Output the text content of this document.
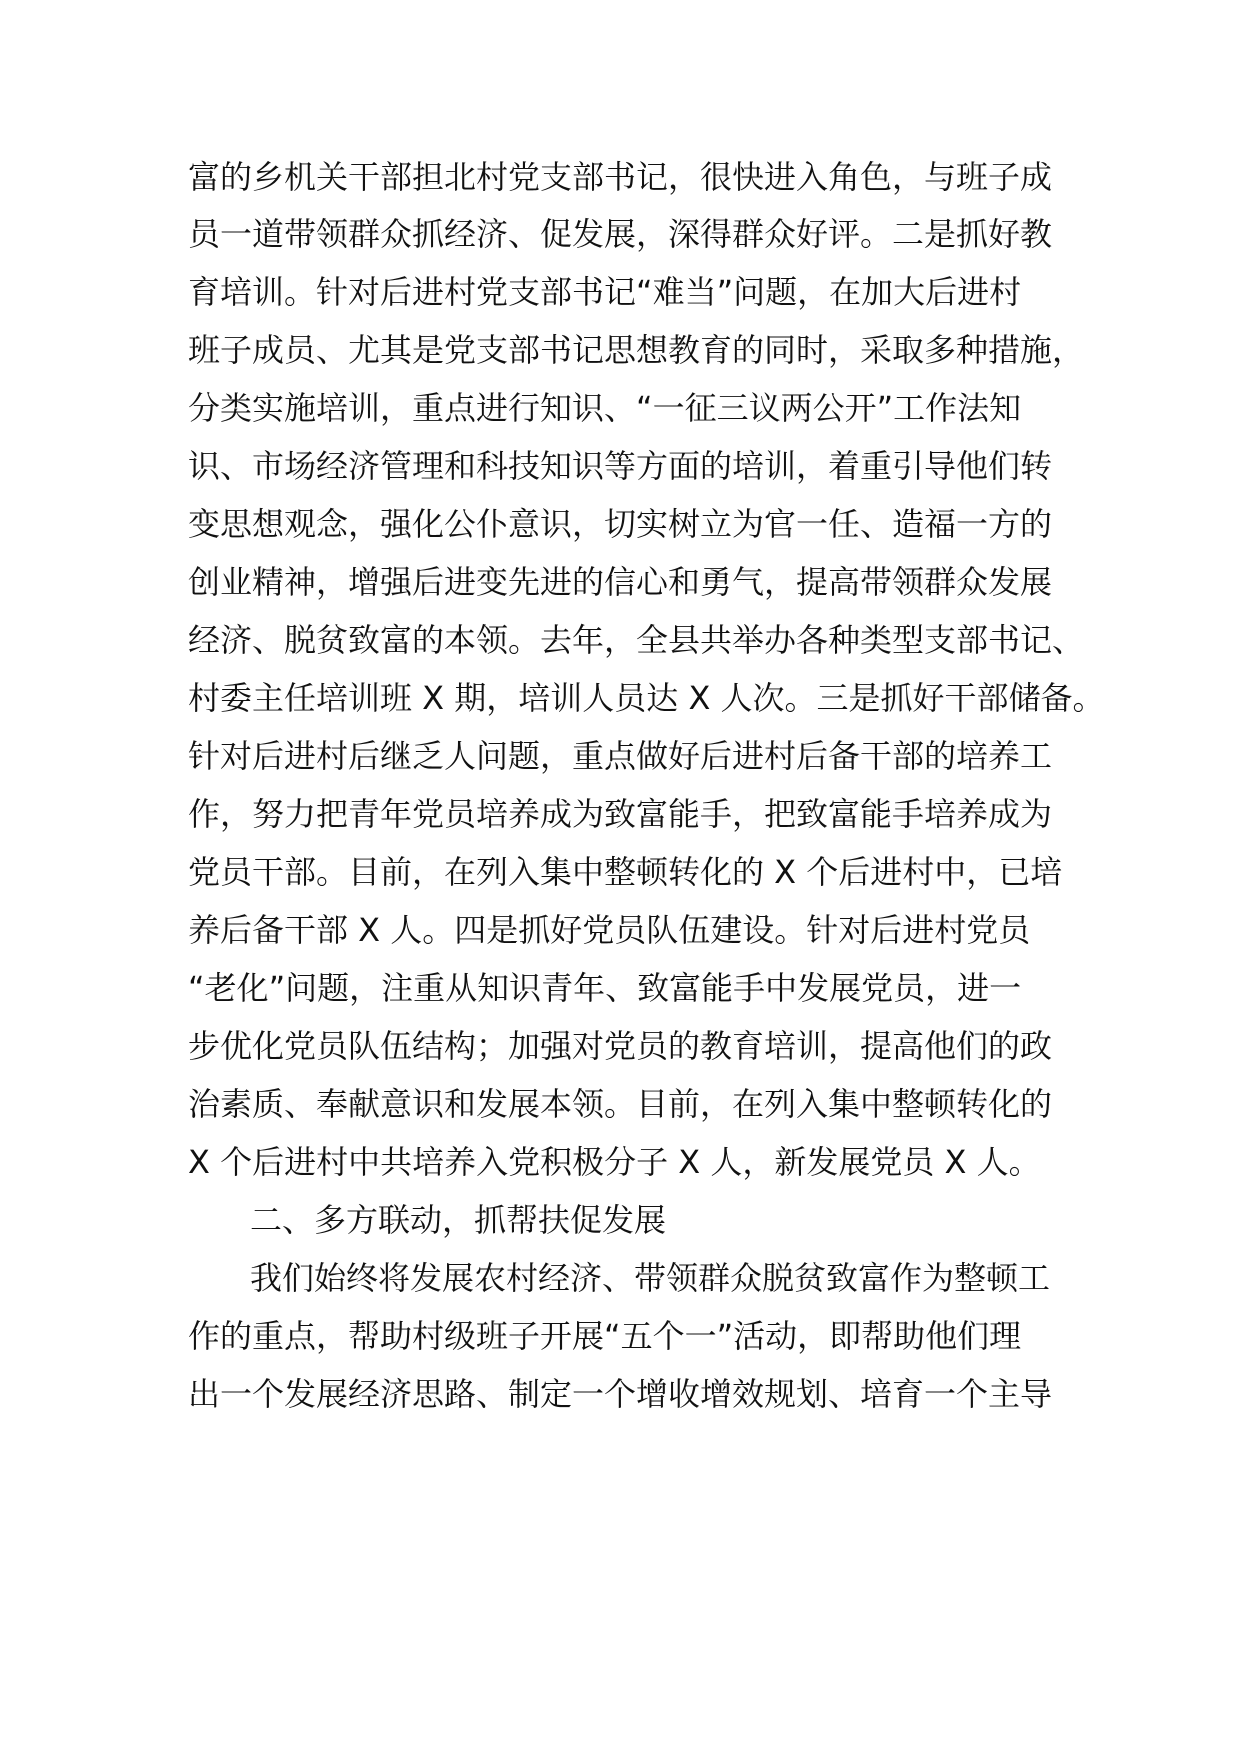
富的乡机关干部担北村党支部书记，很快进入角色，与班子成
员一道带领群众抓经济、促发展，深得群众好评。二是抓好教
育培训。针对后进村党支部书记“难当”问题，在加大后进村
班子成员、尤其是党支部书记思想教育的同时，采取多种措施，
分类实施培训，重点进行知识、“一征三议两公开”工作法知
识、市场经济管理和科技知识等方面的培训，着重引导他们转
变思想观念，强化公仆意识，切实树立为官一任、造福一方的
创业精神，增强后进变先进的信心和勇气，提高带领群众发展
经济、脱贫致富的本领。去年，全县共举办各种类型支部书记、
村委主任培训班 X 期，培训人员达 X 人次。三是抓好干部储备。
针对后进村后继乏人问题，重点做好后进村后备干部的培养工
作，努力把青年党员培养成为致富能手，把致富能手培养成为
党员干部。目前，在列入集中整顿转化的 X 个后进村中，已培
养后备干部 X 人。四是抓好党员队伍建设。针对后进村党员
“老化”问题，注重从知识青年、致富能手中发展党员，进一
步优化党员队伍结构；加强对党员的教育培训，提高他们的政
治素质、奉献意识和发展本领。目前，在列入集中整顿转化的
X 个后进村中共培养入党积极分子 X 人，新发展党员 X 人。
二、多方联动，抓帮扶促发展
我们始终将发展农村经济、带领群众脱贫致富作为整顿工
作的重点，帮助村级班子开展“五个一”活动，即帮助他们理
出一个发展经济思路、制定一个增收增效规划、培育一个主导
